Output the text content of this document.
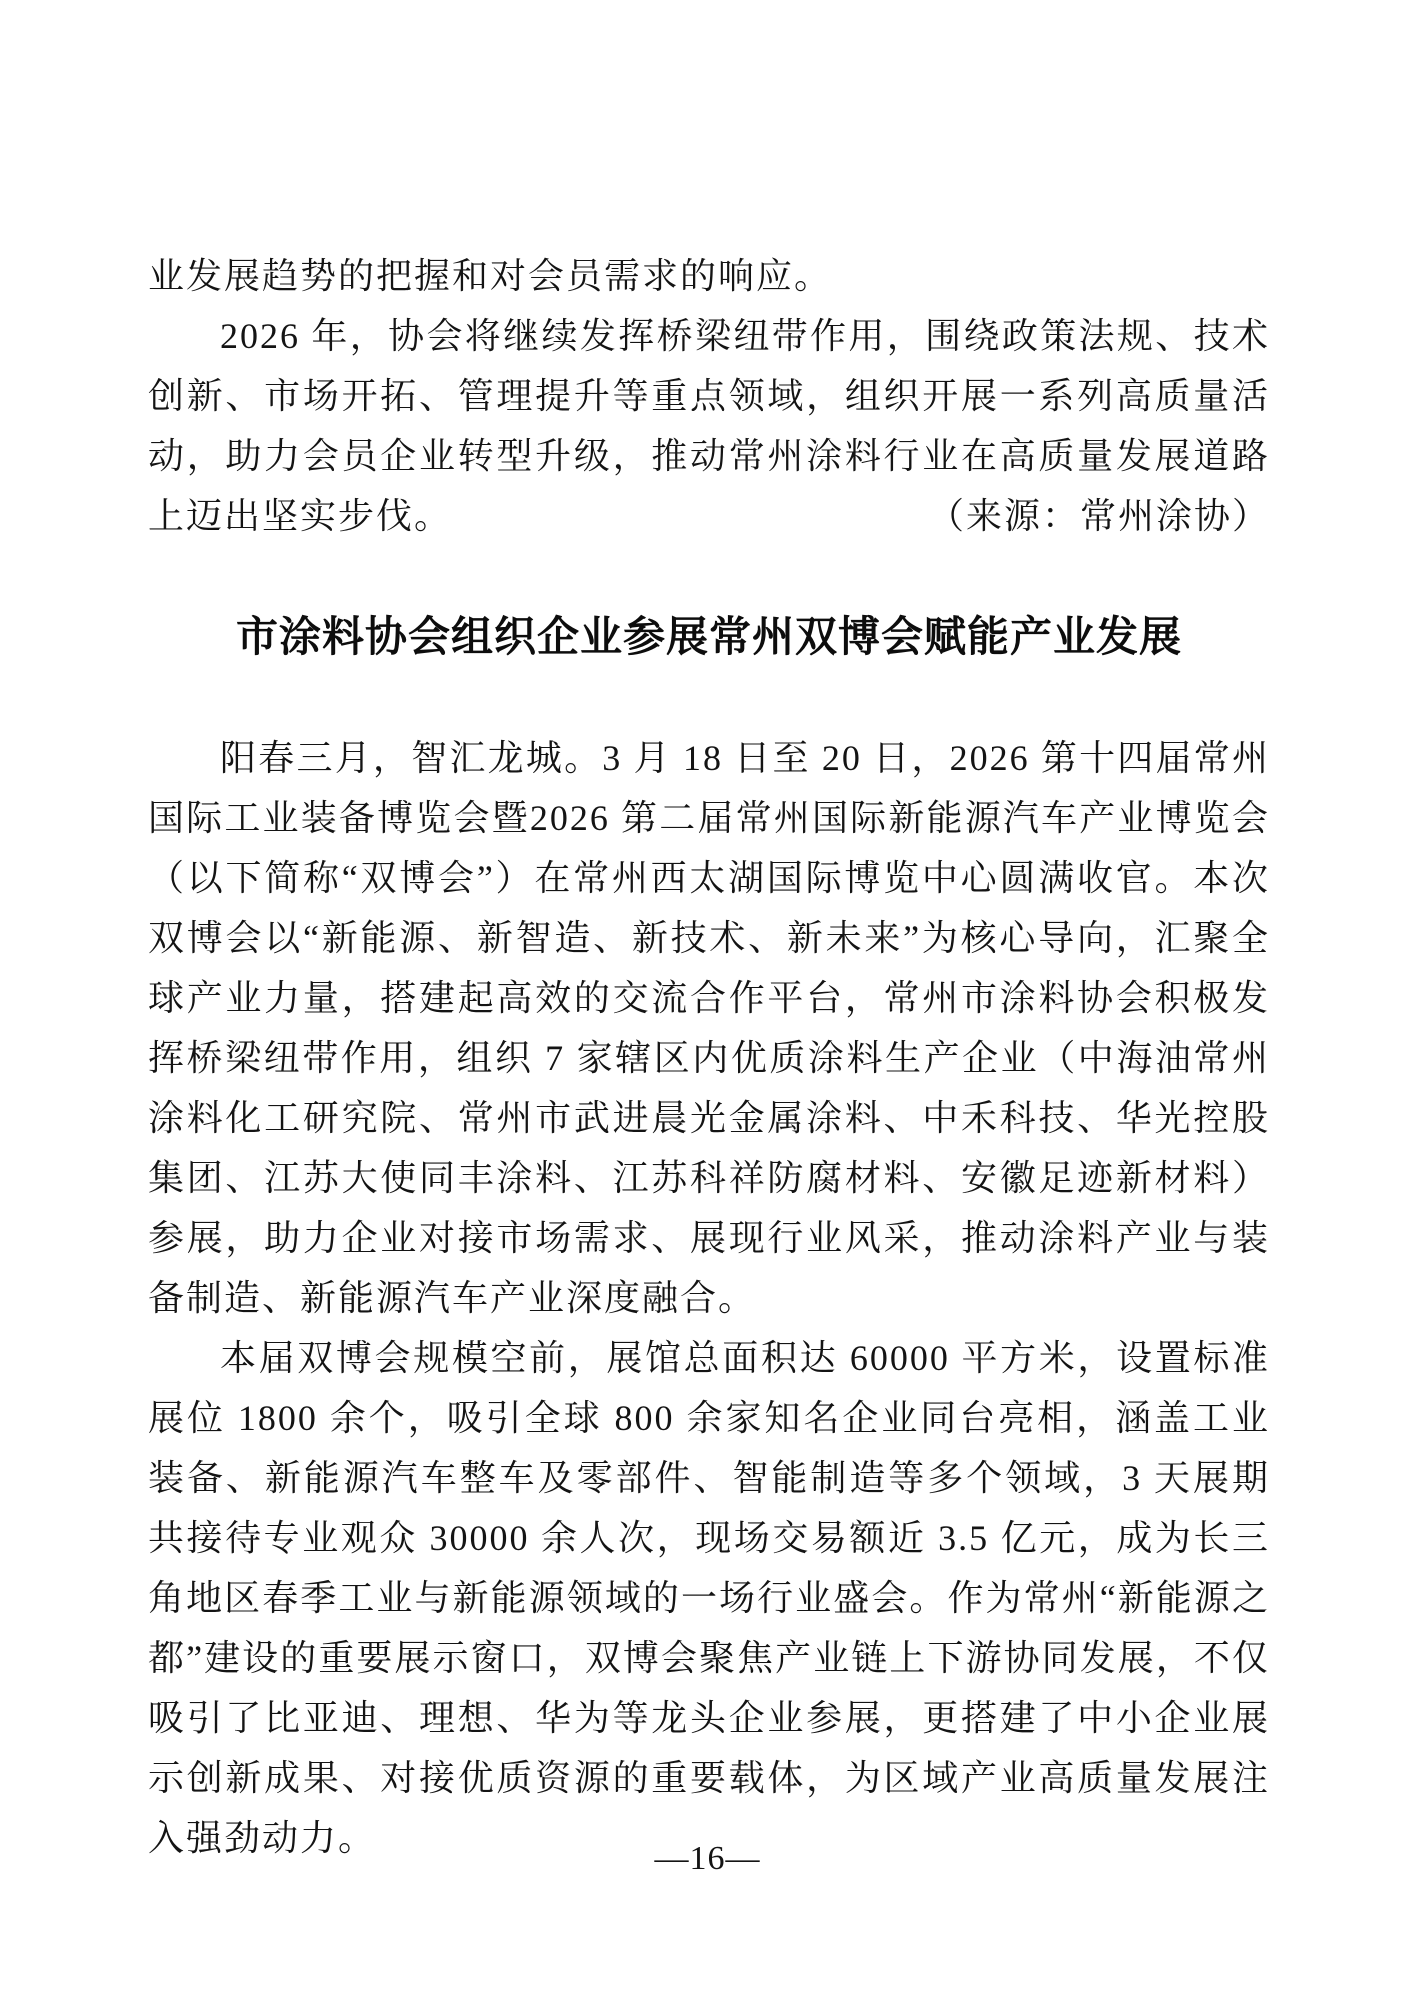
业发展趋势的把握和对会员需求的响应。

2026 年，协会将继续发挥桥梁纽带作用，围绕政策法规、技术创新、市场开拓、管理提升等重点领域，组织开展一系列高质量活动，助力会员企业转型升级，推动常州涂料行业在高质量发展道路上迈出坚实步伐。	（来源：常州涂协）

市涂料协会组织企业参展常州双博会赋能产业发展

阳春三月，智汇龙城。3 月 18 日至 20 日，2026 第十四届常州国际工业装备博览会暨2026 第二届常州国际新能源汽车产业博览会（以下简称“双博会”）在常州西太湖国际博览中心圆满收官。本次双博会以“新能源、新智造、新技术、新未来”为核心导向，汇聚全球产业力量，搭建起高效的交流合作平台，常州市涂料协会积极发挥桥梁纽带作用，组织 7 家辖区内优质涂料生产企业（中海油常州涂料化工研究院、常州市武进晨光金属涂料、中禾科技、华光控股集团、江苏大使同丰涂料、江苏科祥防腐材料、安徽足迹新材料）参展，助力企业对接市场需求、展现行业风采，推动涂料产业与装备制造、新能源汽车产业深度融合。

本届双博会规模空前，展馆总面积达 60000 平方米，设置标准展位 1800 余个，吸引全球 800 余家知名企业同台亮相，涵盖工业装备、新能源汽车整车及零部件、智能制造等多个领域，3 天展期共接待专业观众 30000 余人次，现场交易额近 3.5 亿元，成为长三角地区春季工业与新能源领域的一场行业盛会。作为常州“新能源之都”建设的重要展示窗口，双博会聚焦产业链上下游协同发展，不仅吸引了比亚迪、理想、华为等龙头企业参展，更搭建了中小企业展示创新成果、对接优质资源的重要载体，为区域产业高质量发展注入强劲动力。

—16—
